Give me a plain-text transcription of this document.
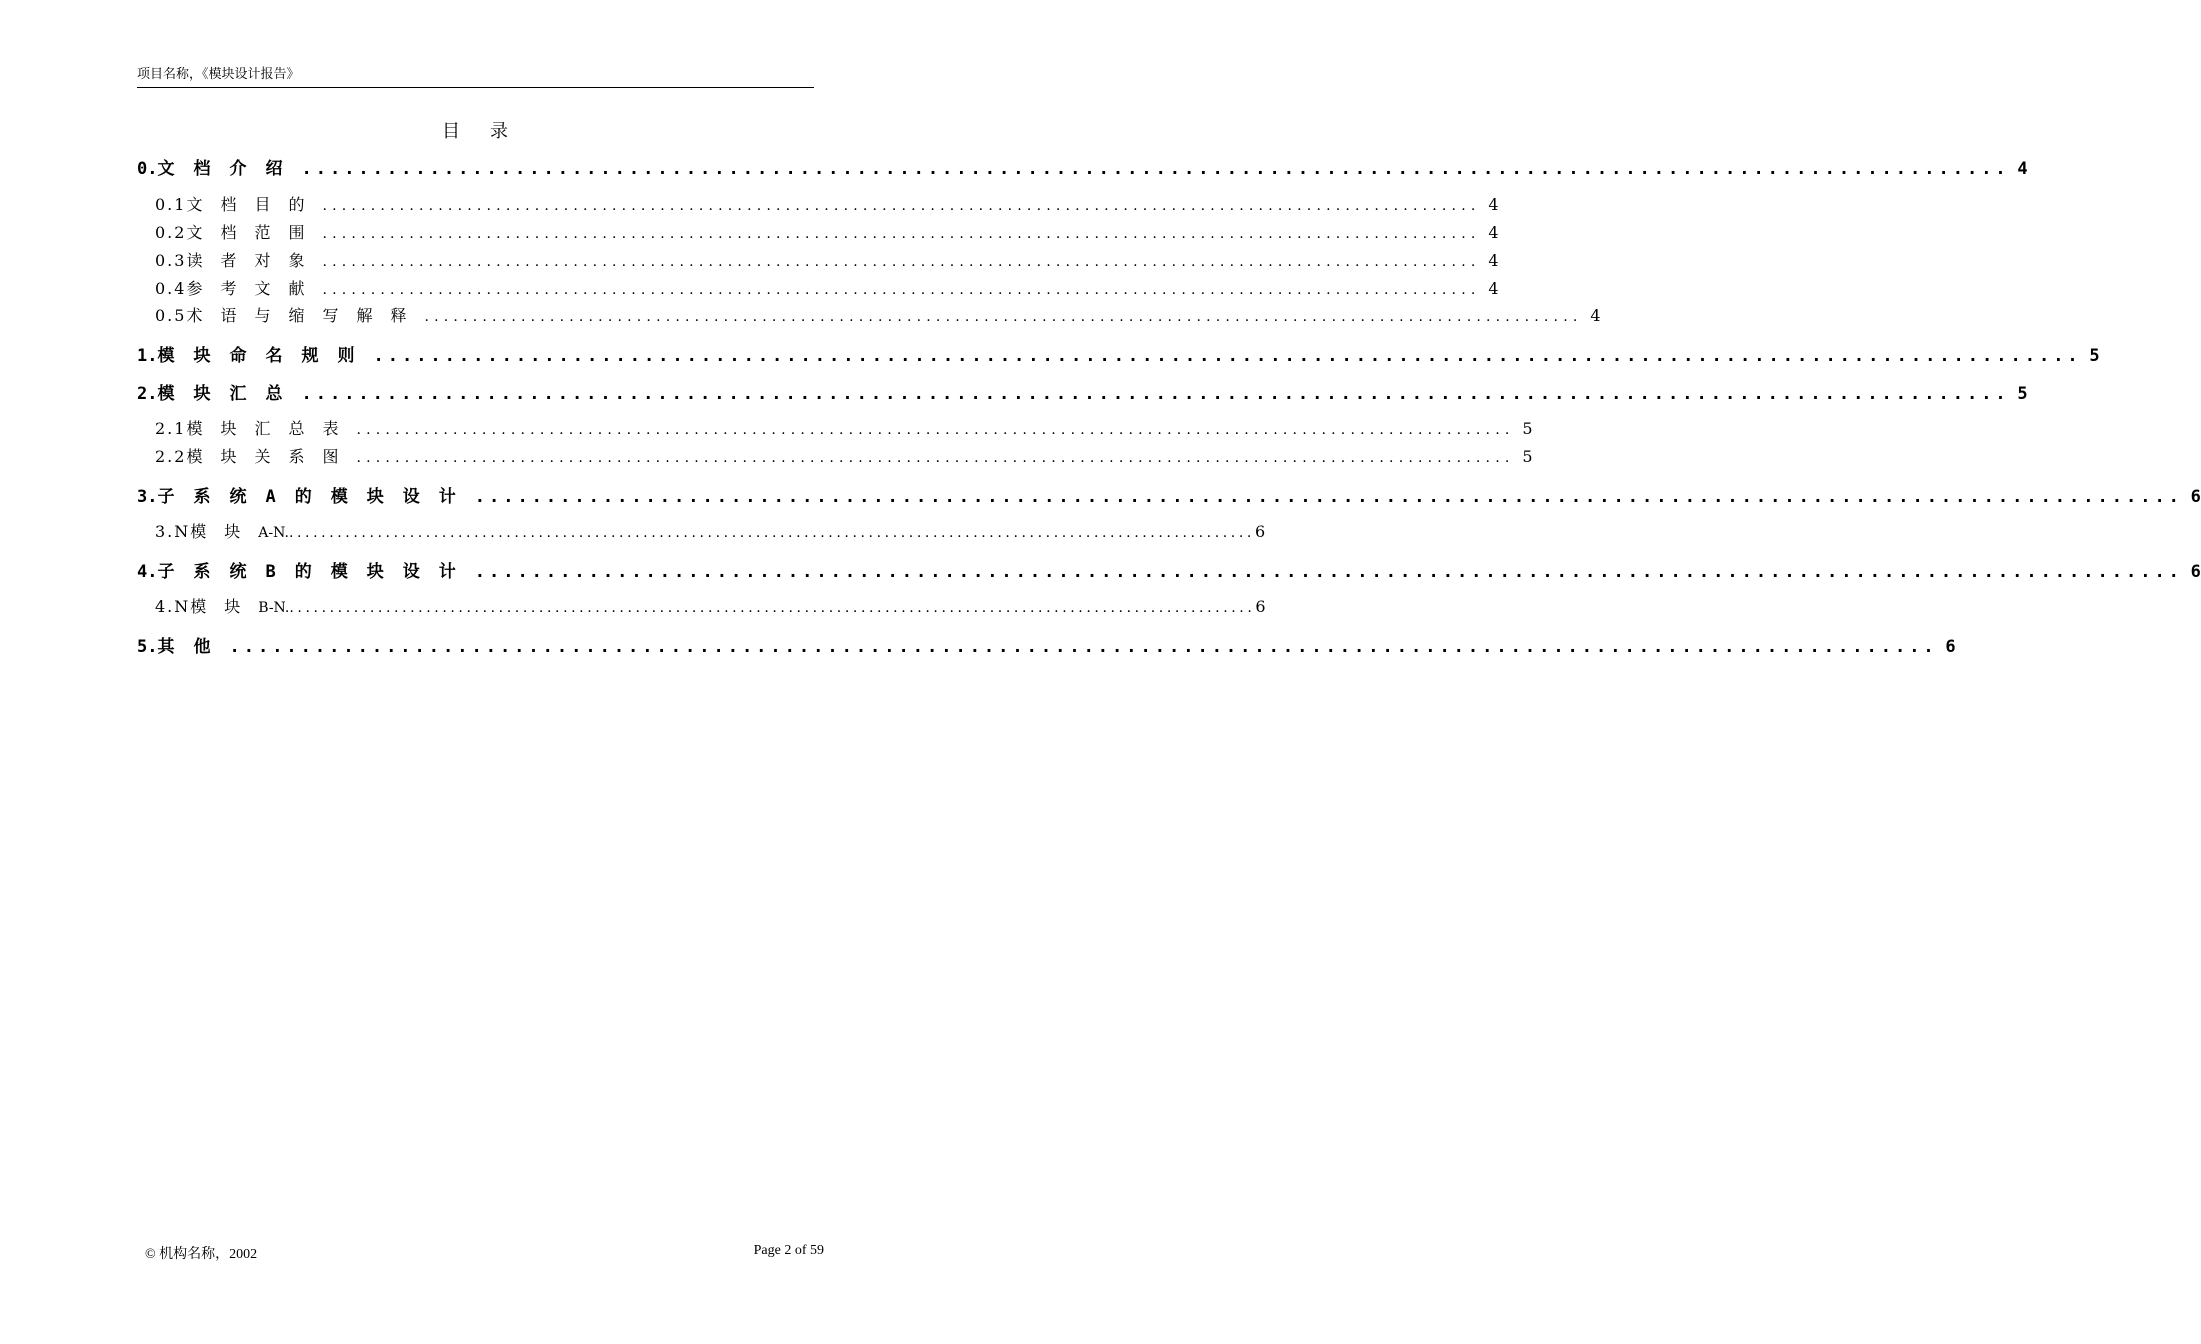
项目名称，《模块设计报告》
目录
0. 文档介绍 ........................................................................................................................ 4
0.1 文档目的 ........................................................................................................................ 4
0.2 文档范围 ........................................................................................................................ 4
0.3 读者对象 ........................................................................................................................ 4
0.4 参考文献 ........................................................................................................................ 4
0.5 术语与缩写解释 ........................................................................................................................ 4
1. 模块命名规则 ........................................................................................................................ 5
2. 模块汇总 ........................................................................................................................ 5
2.1 模块汇总表 ........................................................................................................................ 5
2.2 模块关系图 ........................................................................................................................ 5
3. 子系统A的模块设计 ........................................................................................................................ 6
3.N 模块 A-N. ........................................................................................................................ 6
4. 子系统B的模块设计 ........................................................................................................................ 6
4.N 模块 B-N. ........................................................................................................................ 6
5. 其他 ........................................................................................................................ 6
© 机构名称，2002	Page 2 of 59
